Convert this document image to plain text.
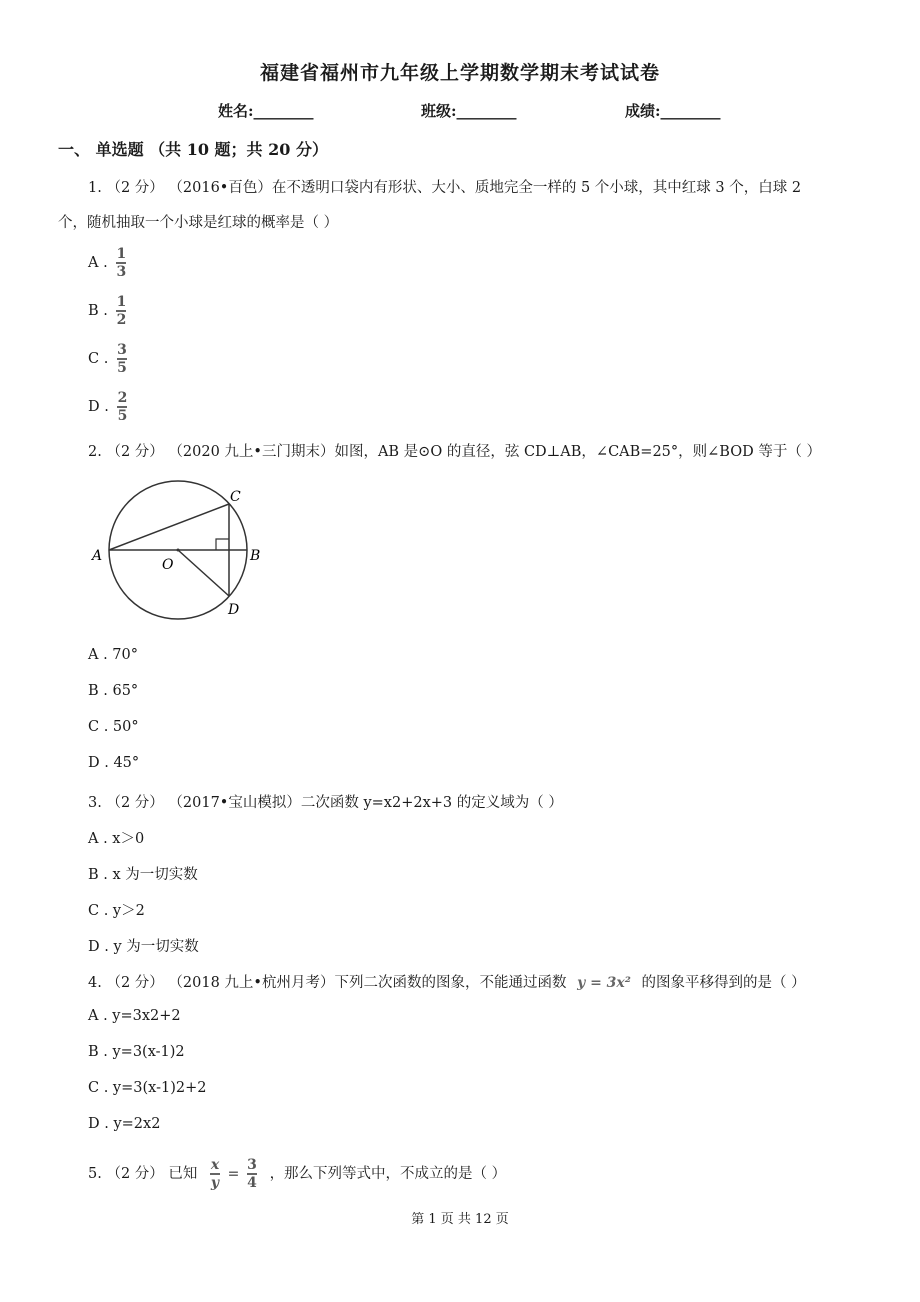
福建省福州市九年级上学期数学期末考试试卷
姓名:________	班级:________	成绩:________
一、 单选题 （共 10 题；共 20 分）
1. （2 分） （2016•百色）在不透明口袋内有形状、大小、质地完全一样的 5 个小球，其中红球 3 个，白球 2
个，随机抽取一个小球是红球的概率是（ ）
A . $\frac{1}{3}$
B . $\frac{1}{2}$
C . $\frac{3}{5}$
D . $\frac{2}{5}$
2. （2 分） （2020 九上•三门期末）如图，AB 是⊙O 的直径，弦 CD⊥AB，∠CAB=25°，则∠BOD 等于（ ）
A	B
C
D
O
A . 70°
B . 65°
C . 50°
D . 45°
3. （2 分） （2017•宝山模拟）二次函数 y=x2+2x+3 的定义域为（ ）
A . x＞0
B . x 为一切实数
C . y＞2
D . y 为一切实数
4. （2 分） （2018 九上•杭州月考）下列二次函数的图象，不能通过函数 y = 3x² 的图象平移得到的是（ ）
A . y=3x2+2
B . y=3(x-1)2
C . y=3(x-1)2+2
D . y=2x2
5. （2 分） 已知 $\frac{x}{y} = \frac{3}{4}$ ，那么下列等式中，不成立的是（ ）
第 1 页 共 12 页
